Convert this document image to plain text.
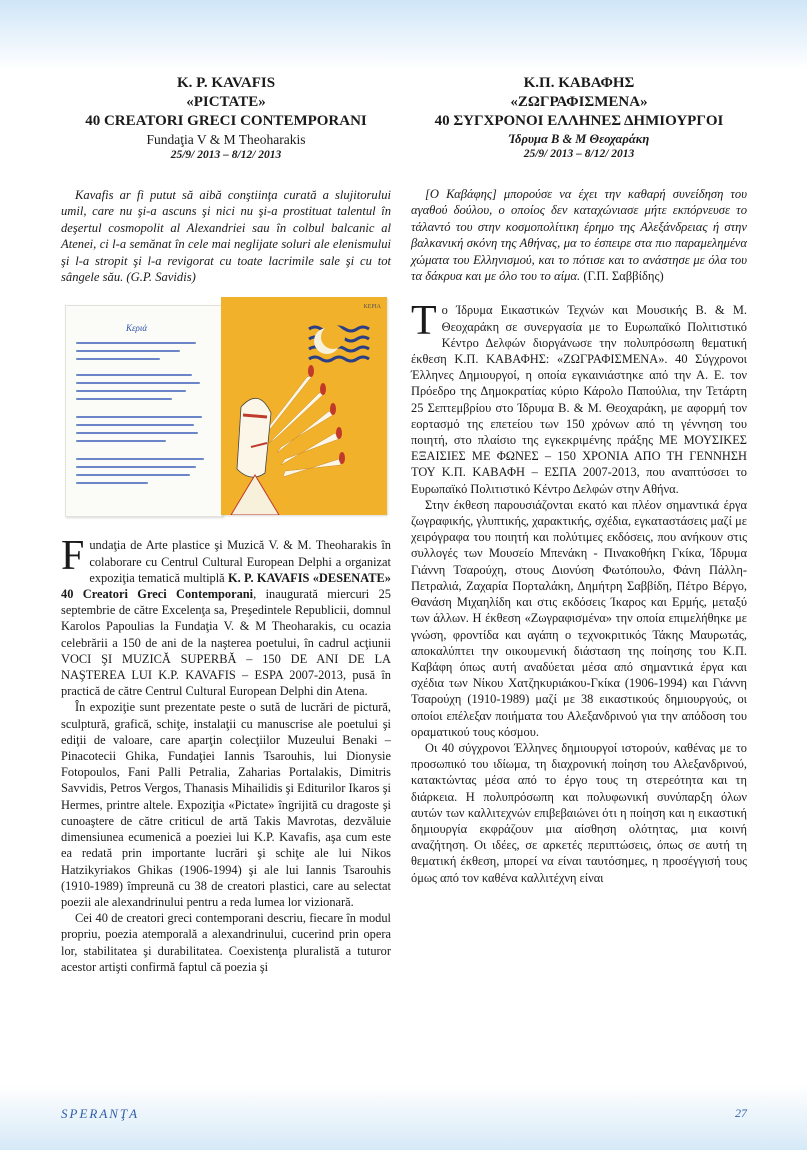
K. P. KAVAFIS
«PICTATE»
40 CREATORI GRECI CONTEMPORANI
Fundaţia V & M Theoharakis
25/9/ 2013 – 8/12/ 2013
Kavafis ar fi putut să aibă conştiinţa curată a slujitorului umil, care nu şi-a ascuns şi nici nu şi-a prostituat talentul în deşertul cosmopolit al Alexandriei sau în colbul balcanic al Atenei, ci l-a semănat în cele mai neglijate soluri ale elenismului şi l-a stropit şi l-a revigorat cu toate lacrimile sale şi cu tot sângele său. (G.P. Savidis)
Κεριά
ΚΕΡΙΑ

Fundaţia de Arte plastice şi Muzică V. & M. Theoharakis în colaborare cu Centrul Cultural European Delphi a organizat expoziţia tematică multiplă K. P. KAVAFIS «DESENATE» 40 Creatori Greci Contemporani, inaugurată miercuri 25 septembrie de către Excelenţa sa, Preşedintele Republicii, domnul Karolos Papoulias la Fundaţia V. & M Theoharakis, cu ocazia celebrării a 150 de ani de la naşterea poetului, în cadrul acţiunii VOCI ŞI MUZICĂ SUPERBĂ – 150 DE ANI DE LA NAŞTEREA LUI K.P. KAVAFIS – ESPA 2007-2013, pusă în practică de către Centrul Cultural European Delphi din Atena.

În expoziţie sunt prezentate peste o sută de lucrări de pictură, sculptură, grafică, schiţe, instalaţii cu manuscrise ale poetului şi ediţii de valoare, care aparţin colecţiilor Muzeului Benaki – Pinacotecii Ghika, Fundaţiei Iannis Tsarouhis, lui Dionysie Fotopoulos, Fani Palli Petralia, Zaharias Portalakis, Dimitris Savvidis, Petros Vergos, Thanasis Mihailidis şi Editurilor Ikaros şi Hermes, printre altele. Expoziţia «Pictate» îngrijită cu dragoste şi cunoaştere de către criticul de artă Takis Mavrotas, dezvăluie dimensiunea ecumenică a poeziei lui K.P. Kavafis, aşa cum este ea redată prin importante lucrări şi schiţe ale lui Nikos Hatzikyriakos Ghikas (1906-1994) şi ale lui Iannis Tsarouhis (1910-1989) împreună cu 38 de creatori plastici, care au selectat poezii ale alexandrinului pentru a reda lumea lor vizionară.

Cei 40 de creatori greci contemporani descriu, fiecare în modul propriu, poezia atemporală a alexandrinului, cucerind prin opera lor, stabilitatea şi durabilitatea. Coexistenţa pluralistă a tuturor acestor artişti confirmă faptul că poezia şi

Κ.Π. ΚΑΒΑΦΗΣ
«ΖΩΓΡΑΦΙΣΜΕΝΑ»
40 ΣΥΓΧΡΟΝΟΙ ΕΛΛΗΝΕΣ ΔΗΜΙΟΥΡΓΟΙ
Ίδρυμα Β & Μ Θεοχαράκη
25/9/ 2013 – 8/12/ 2013
[Ο Καβάφης] μπορούσε να έχει την καθαρή συνείδηση του αγαθού δούλου, ο οποίος δεν καταχώνιασε μήτε εκπόρνευσε το τάλαντό του στην κοσμοπολίτικη έρημο της Αλεξάνδρειας ή στην βαλκανική σκόνη της Αθήνας, μα το έσπειρε στα πιο παραμελημένα χώματα του Ελληνισμού, και το πότισε και το ανάστησε με όλα του τα δάκρυα και με όλο του το αίμα. (Γ.Π. Σαββίδης)

Το Ίδρυμα Εικαστικών Τεχνών και Μουσικής Β. & Μ. Θεοχαράκη σε συνεργασία με το Ευρωπαϊκό Πολιτιστικό Κέντρο Δελφών διοργάνωσε την πολυπρόσωπη θεματική έκθεση Κ.Π. ΚΑΒΑΦΗΣ: «ΖΩΓΡΑΦΙΣΜΕΝΑ». 40 Σύγχρονοι Έλληνες Δημιουργοί, η οποία εγκαινιάστηκε από την Α. Ε. τον Πρόεδρο της Δημοκρατίας κύριο Κάρολο Παπούλια, την Τετάρτη 25 Σεπτεμβρίου στο Ίδρυμα Β. & Μ. Θεοχαράκη, με αφορμή τον εορτασμό της επετείου των 150 χρόνων από τη γέννηση του ποιητή, στο πλαίσιο της εγκεκριμένης πράξης ΜΕ ΜΟΥΣΙΚΕΣ ΕΞΑΙΣΙΕΣ ΜΕ ΦΩΝΕΣ – 150 ΧΡΟΝΙΑ ΑΠΟ ΤΗ ΓΕΝΝΗΣΗ ΤΟΥ Κ.Π. ΚΑΒΑΦΗ – ΕΣΠΑ 2007-2013, που αναπτύσσει το Ευρωπαϊκό Πολιτιστικό Κέντρο Δελφών στην Αθήνα.

Στην έκθεση παρουσιάζονται εκατό και πλέον σημαντικά έργα ζωγραφικής, γλυπτικής, χαρακτικής, σχέδια, εγκαταστάσεις μαζί με χειρόγραφα του ποιητή και πολύτιμες εκδόσεις, που ανήκουν στις συλλογές των Μουσείο Μπενάκη - Πινακοθήκη Γκίκα, Ίδρυμα Γιάννη Τσαρούχη, στους Διονύση Φωτόπουλο, Φάνη Πάλλη-Πετραλιά, Ζαχαρία Πορταλάκη, Δημήτρη Σαββίδη, Πέτρο Βέργο, Θανάση Μιχαηλίδη και στις εκδόσεις Ίκαρος και Ερμής, μεταξύ των άλλων. Η έκθεση «Ζωγραφισμένα» την οποία επιμελήθηκε με γνώση, φροντίδα και αγάπη ο τεχνοκριτικός Τάκης Μαυρωτάς, αποκαλύπτει την οικουμενική διάσταση της ποίησης του Κ.Π. Καβάφη όπως αυτή αναδύεται μέσα από σημαντικά έργα και σχέδια των Νίκου Χατζηκυριάκου-Γκίκα (1906-1994) και Γιάννη Τσαρούχη (1910-1989) μαζί με 38 εικαστικούς δημιουργούς, οι οποίοι επέλεξαν ποιήματα του Αλεξανδρινού για την απόδοση του οραματικού τους κόσμου.

Οι 40 σύγχρονοι Έλληνες δημιουργοί ιστορούν, καθένας με το προσωπικό του ιδίωμα, τη διαχρονική ποίηση του Αλεξανδρινού, κατακτώντας μέσα από το έργο τους τη στερεότητα και τη διάρκεια. Η πολυπρόσωπη και πολυφωνική συνύπαρξη όλων αυτών των καλλιτεχνών επιβεβαιώνει ότι η ποίηση και η εικαστική δημιουργία εκφράζουν μια αίσθηση ολότητας, μια κοινή αναζήτηση. Οι ιδέες, σε αρκετές περιπτώσεις, όπως σε αυτή τη θεματική έκθεση, μπορεί να είναι ταυτόσημες, η προσέγγισή τους όμως από τον καθένα καλλιτέχνη είναι

SPERANŢA	27
